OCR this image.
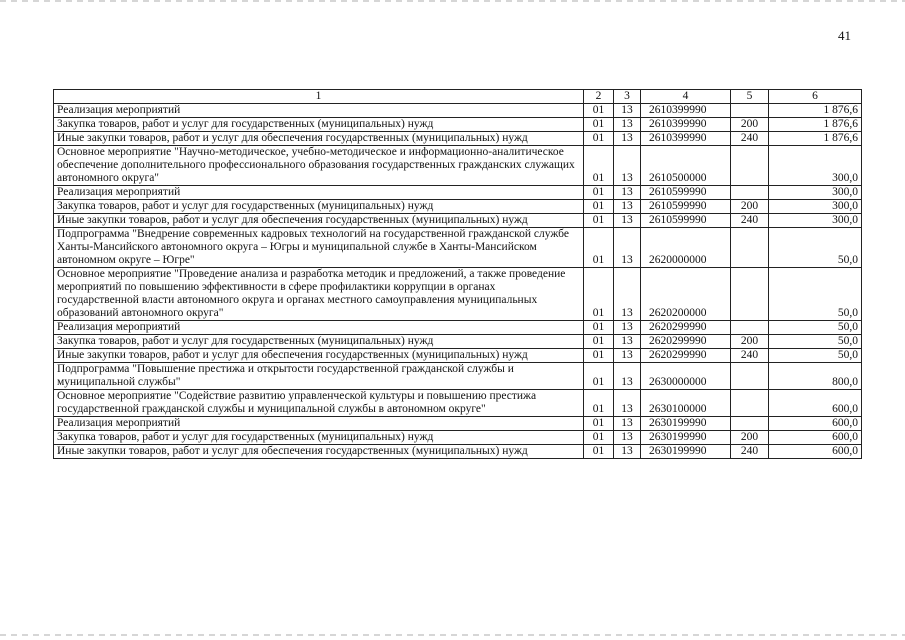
41
1	2	3	4	5	6
Реализация мероприятий	01	13	2610399990		1 876,6
Закупка товаров, работ и услуг для государственных (муниципальных) нужд	01	13	2610399990	200	1 876,6
Иные закупки товаров, работ и услуг для обеспечения государственных (муниципальных) нужд	01	13	2610399990	240	1 876,6
Основное мероприятие "Научно-методическое, учебно-методическое и информационно-аналитическое обеспечение дополнительного профессионального образования государственных гражданских служащих автономного округа"	01	13	2610500000		300,0
Реализация мероприятий	01	13	2610599990		300,0
Закупка товаров, работ и услуг для государственных (муниципальных) нужд	01	13	2610599990	200	300,0
Иные закупки товаров, работ и услуг для обеспечения государственных (муниципальных) нужд	01	13	2610599990	240	300,0
Подпрограмма "Внедрение современных кадровых технологий на государственной гражданской службе Ханты-Мансийского автономного округа – Югры и муниципальной службе в Ханты-Мансийском автономном округе – Югре"	01	13	2620000000		50,0
Основное мероприятие "Проведение анализа и разработка методик и предложений, а также проведение мероприятий по повышению эффективности в сфере профилактики коррупции в органах государственной власти автономного округа и органах местного самоуправления муниципальных образований автономного округа"	01	13	2620200000		50,0
Реализация мероприятий	01	13	2620299990		50,0
Закупка товаров, работ и услуг для государственных (муниципальных) нужд	01	13	2620299990	200	50,0
Иные закупки товаров, работ и услуг для обеспечения государственных (муниципальных) нужд	01	13	2620299990	240	50,0
Подпрограмма "Повышение престижа и открытости государственной гражданской службы и муниципальной службы"	01	13	2630000000		800,0
Основное мероприятие "Содействие развитию управленческой культуры и повышению престижа государственной гражданской службы и муниципальной службы в автономном округе"	01	13	2630100000		600,0
Реализация мероприятий	01	13	2630199990		600,0
Закупка товаров, работ и услуг для государственных (муниципальных) нужд	01	13	2630199990	200	600,0
Иные закупки товаров, работ и услуг для обеспечения государственных (муниципальных) нужд	01	13	2630199990	240	600,0
